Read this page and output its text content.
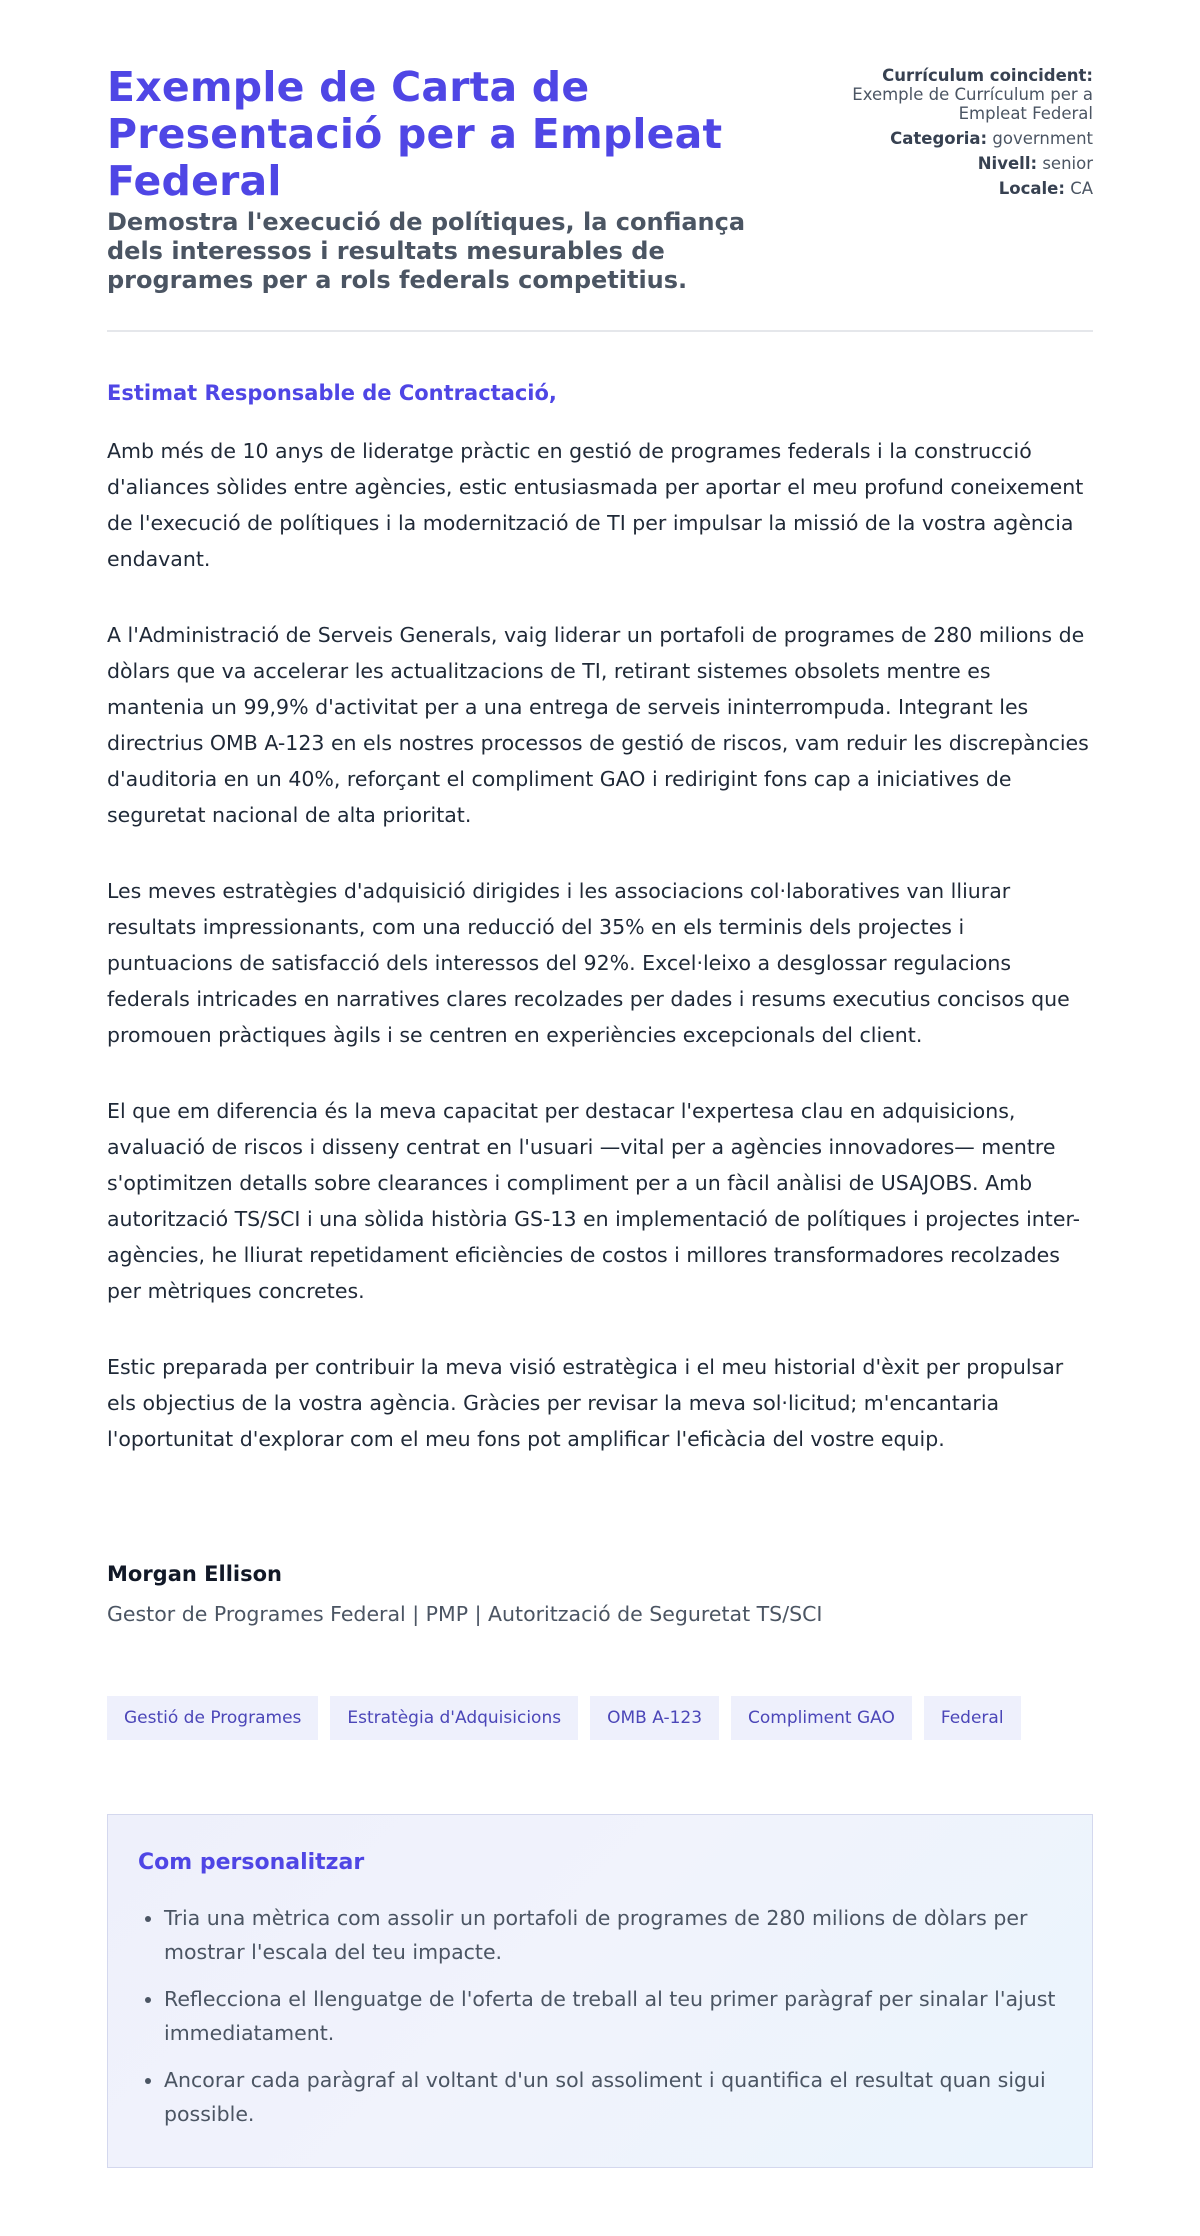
Exemple de Carta de Presentació per a Empleat Federal

Demostra l'execució de polítiques, la confiança dels interessos i resultats mesurables de programes per a rols federals competitius.

Currículum coincident:
Exemple de Currículum per a Empleat Federal
Categoria: government
Nivell: senior
Locale: CA

Estimat Responsable de Contractació,

Amb més de 10 anys de lideratge pràctic en gestió de programes federals i la construcció d'aliances sòlides entre agències, estic entusiasmada per aportar el meu profund coneixement de l'execució de polítiques i la modernització de TI per impulsar la missió de la vostra agència endavant.

A l'Administració de Serveis Generals, vaig liderar un portafoli de programes de 280 milions de dòlars que va accelerar les actualitzacions de TI, retirant sistemes obsolets mentre es mantenia un 99,9% d'activitat per a una entrega de serveis ininterrompuda. Integrant les directrius OMB A-123 en els nostres processos de gestió de riscos, vam reduir les discrepàncies d'auditoria en un 40%, reforçant el compliment GAO i redirigint fons cap a iniciatives de seguretat nacional de alta prioritat.

Les meves estratègies d'adquisició dirigides i les associacions col·laboratives van lliurar resultats impressionants, com una reducció del 35% en els terminis dels projectes i puntuacions de satisfacció dels interessos del 92%. Excel·leixo a desglossar regulacions federals intricades en narratives clares recolzades per dades i resums executius concisos que promouen pràctiques àgils i se centren en experiències excepcionals del client.

El que em diferencia és la meva capacitat per destacar l'expertesa clau en adquisicions, avaluació de riscos i disseny centrat en l'usuari —vital per a agències innovadores— mentre s'optimitzen detalls sobre clearances i compliment per a un fàcil anàlisi de USAJOBS. Amb autorització TS/SCI i una sòlida història GS-13 en implementació de polítiques i projectes inter-agències, he lliurat repetidament eficiències de costos i millores transformadores recolzades per mètriques concretes.

Estic preparada per contribuir la meva visió estratègica i el meu historial d'èxit per propulsar els objectius de la vostra agència. Gràcies per revisar la meva sol·licitud; m'encantaria l'oportunitat d'explorar com el meu fons pot amplificar l'eficàcia del vostre equip.

Morgan Ellison

Gestor de Programes Federal | PMP | Autorització de Seguretat TS/SCI

Gestió de Programes	Estratègia d'Adquisicions	OMB A-123	Compliment GAO	Federal
Com personalitzar
• Tria una mètrica com assolir un portafoli de programes de 280 milions de dòlars per mostrar l'escala del teu impacte.
• Reflecciona el llenguatge de l'oferta de treball al teu primer paràgraf per sinalar l'ajust immediatament.
• Ancorar cada paràgraf al voltant d'un sol assoliment i quantifica el resultat quan sigui possible.
